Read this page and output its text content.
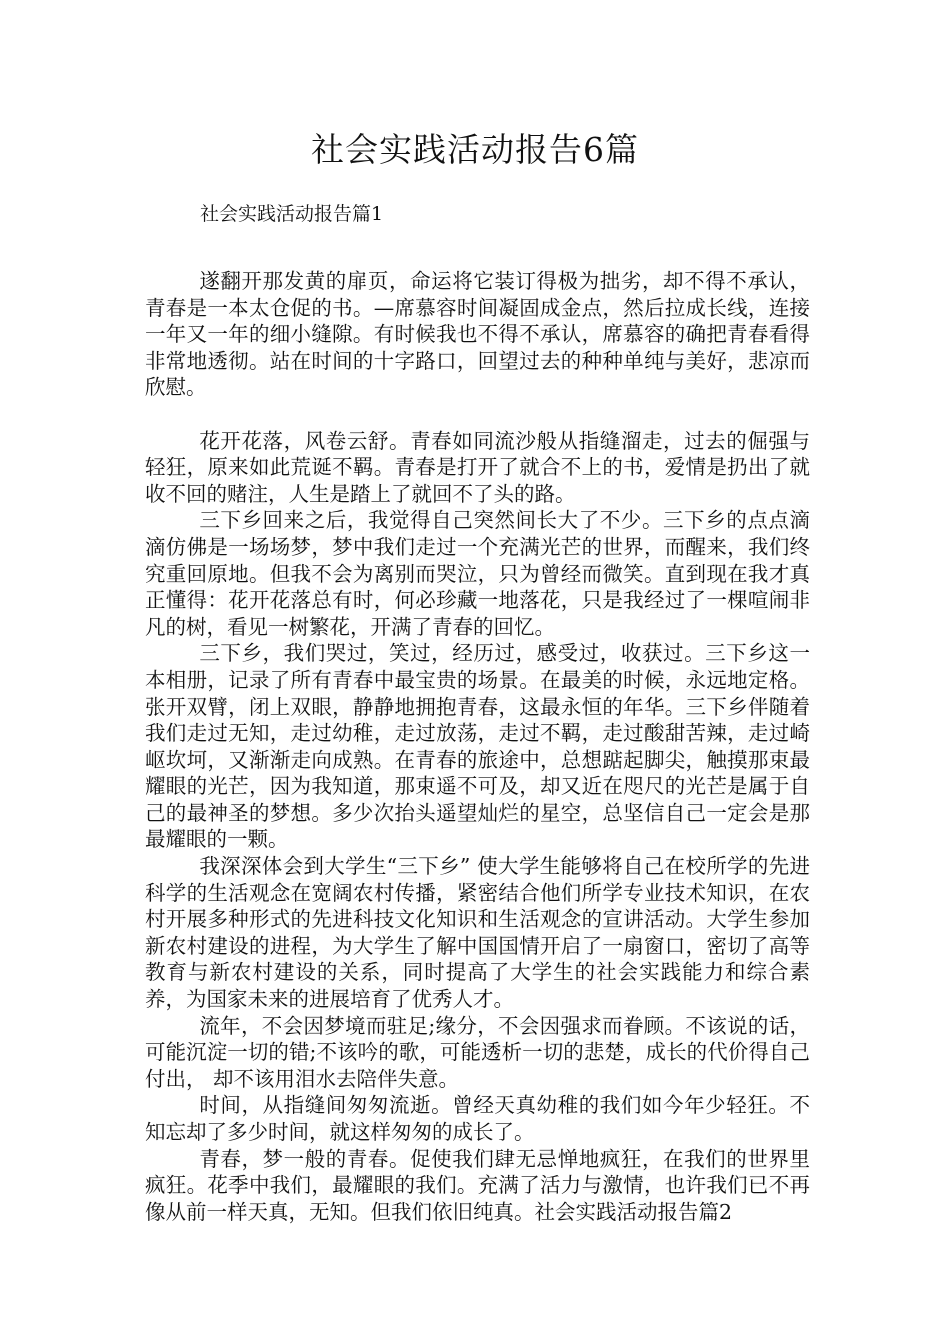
社会实践活动报告6篇

社会实践活动报告篇1

遂翻开那发黄的扉页，命运将它装订得极为拙劣，却不得不承认，青春是一本太仓促的书。—席慕容时间凝固成金点，然后拉成长线，连接一年又一年的细小缝隙。有时候我也不得不承认，席慕容的确把青春看得非常地透彻。站在时间的十字路口，回望过去的种种单纯与美好，悲凉而欣慰。

花开花落，风卷云舒。青春如同流沙般从指缝溜走，过去的倔强与轻狂，原来如此荒诞不羁。青春是打开了就合不上的书，爱情是扔出了就收不回的赌注，人生是踏上了就回不了头的路。

三下乡回来之后，我觉得自己突然间长大了不少。三下乡的点点滴滴仿佛是一场场梦，梦中我们走过一个充满光芒的世界，而醒来，我们终究重回原地。但我不会为离别而哭泣，只为曾经而微笑。直到现在我才真正懂得：花开花落总有时，何必珍藏一地落花，只是我经过了一棵喧闹非凡的树，看见一树繁花，开满了青春的回忆。

三下乡，我们哭过，笑过，经历过，感受过，收获过。三下乡这一本相册，记录了所有青春中最宝贵的场景。在最美的时候，永远地定格。张开双臂，闭上双眼，静静地拥抱青春，这最永恒的年华。三下乡伴随着我们走过无知，走过幼稚，走过放荡，走过不羁，走过酸甜苦辣，走过崎岖坎坷，又渐渐走向成熟。在青春的旅途中，总想踮起脚尖，触摸那束最耀眼的光芒，因为我知道，那束遥不可及，却又近在咫尺的光芒是属于自己的最神圣的梦想。多少次抬头遥望灿烂的星空，总坚信自己一定会是那最耀眼的一颗。

我深深体会到大学生“三下乡” 使大学生能够将自己在校所学的先进科学的生活观念在宽阔农村传播，紧密结合他们所学专业技术知识，在农村开展多种形式的先进科技文化知识和生活观念的宣讲活动。大学生参加新农村建设的进程，为大学生了解中国国情开启了一扇窗口，密切了高等教育与新农村建设的关系，同时提高了大学生的社会实践能力和综合素养，为国家未来的进展培育了优秀人才。

流年，不会因梦境而驻足;缘分，不会因强求而眷顾。不该说的话，可能沉淀一切的错;不该吟的歌，可能透析一切的悲楚，成长的代价得自己付出， 却不该用泪水去陪伴失意。

时间，从指缝间匆匆流逝。曾经天真幼稚的我们如今年少轻狂。不知忘却了多少时间，就这样匆匆的成长了。

青春，梦一般的青春。促使我们肆无忌惮地疯狂，在我们的世界里疯狂。花季中我们，最耀眼的我们。充满了活力与激情，也许我们已不再像从前一样天真，无知。但我们依旧纯真。社会实践活动报告篇2
